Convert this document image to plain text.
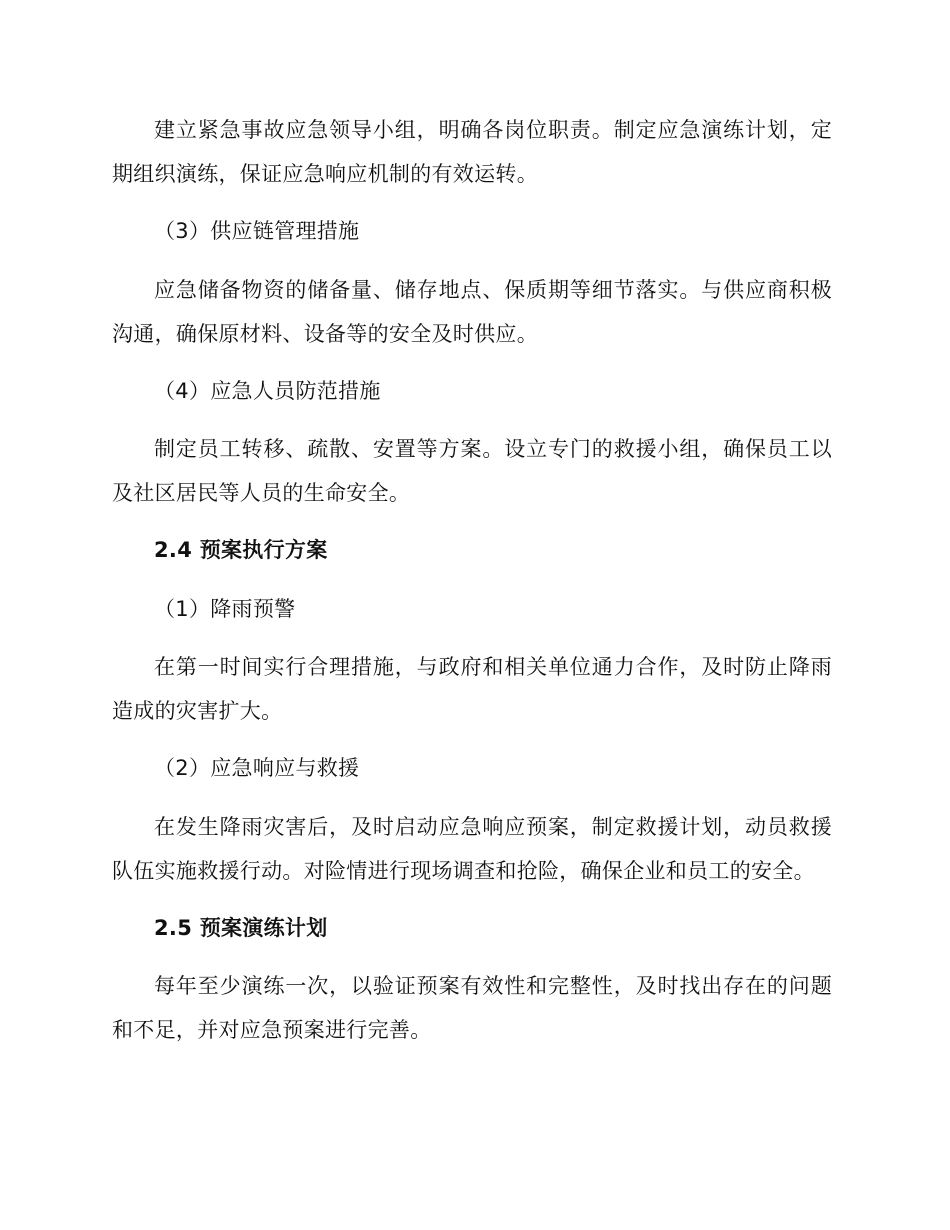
建立紧急事故应急领导小组，明确各岗位职责。制定应急演练计划，定期组织演练，保证应急响应机制的有效运转。
（3）供应链管理措施
应急储备物资的储备量、储存地点、保质期等细节落实。与供应商积极沟通，确保原材料、设备等的安全及时供应。
（4）应急人员防范措施
制定员工转移、疏散、安置等方案。设立专门的救援小组，确保员工以及社区居民等人员的生命安全。
2.4 预案执行方案
（1）降雨预警
在第一时间实行合理措施，与政府和相关单位通力合作，及时防止降雨造成的灾害扩大。
（2）应急响应与救援
在发生降雨灾害后，及时启动应急响应预案，制定救援计划，动员救援队伍实施救援行动。对险情进行现场调查和抢险，确保企业和员工的安全。
2.5 预案演练计划
每年至少演练一次，以验证预案有效性和完整性，及时找出存在的问题和不足，并对应急预案进行完善。
